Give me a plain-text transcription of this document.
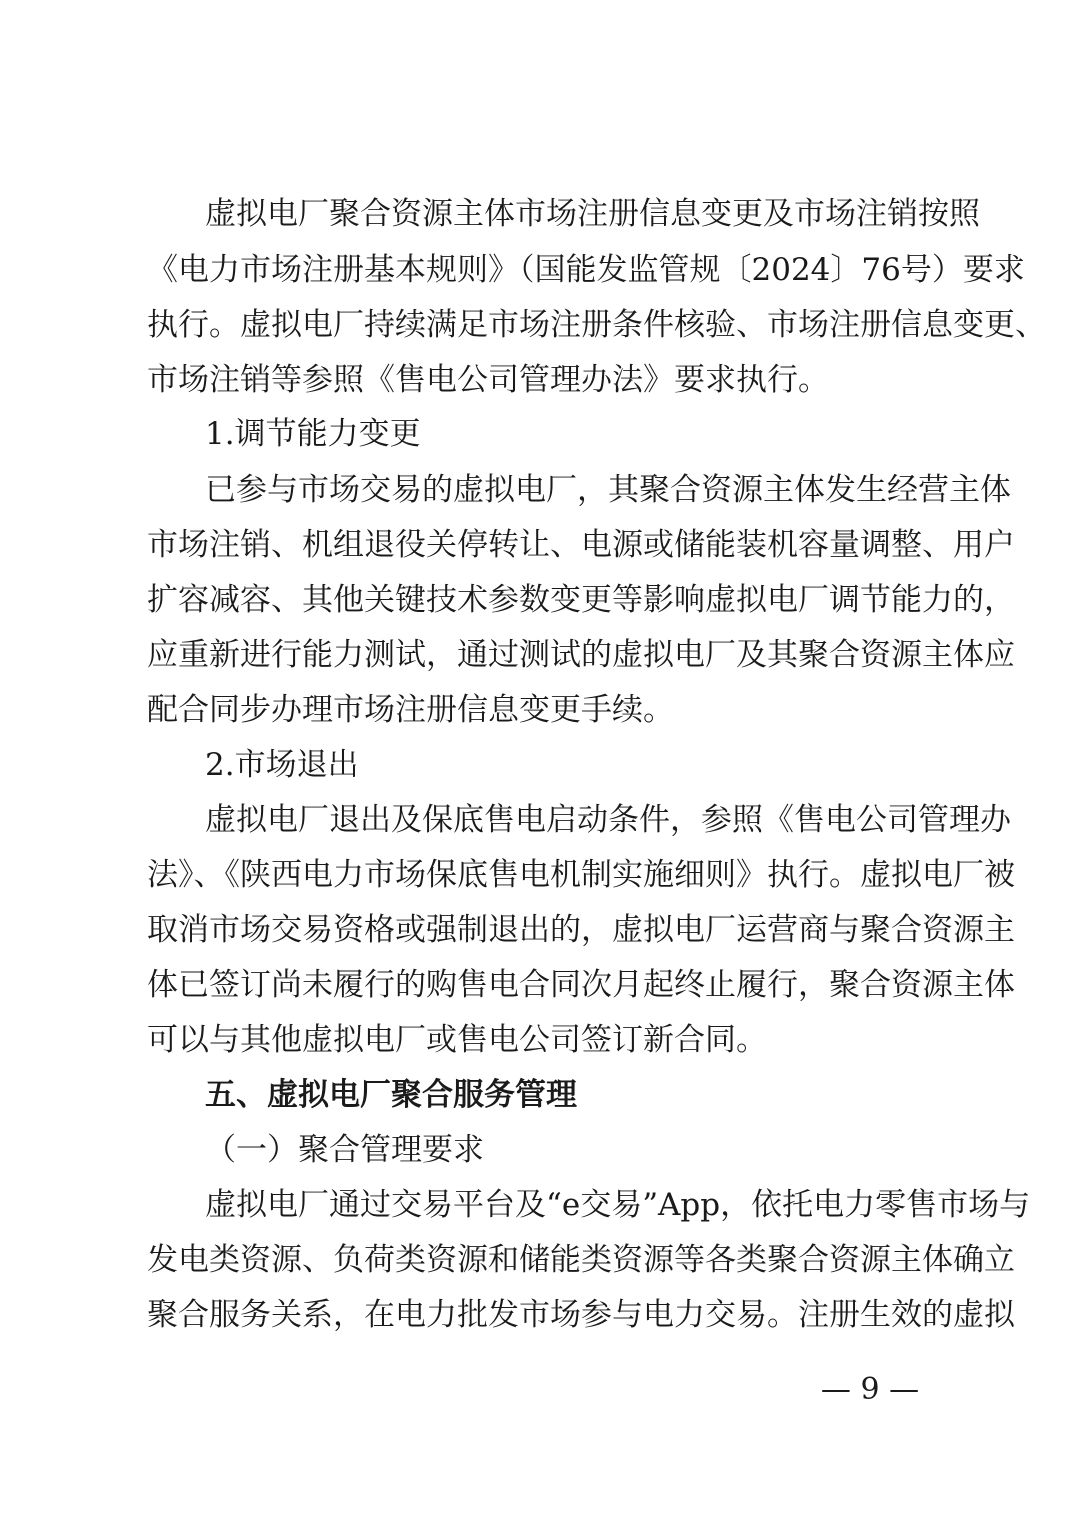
虚拟电厂聚合资源主体市场注册信息变更及市场注销按照
《电力市场注册基本规则》（国能发监管规〔2024〕76号）要求
执行。虚拟电厂持续满足市场注册条件核验、市场注册信息变更、
市场注销等参照《售电公司管理办法》要求执行。
1.调节能力变更
已参与市场交易的虚拟电厂，其聚合资源主体发生经营主体
市场注销、机组退役关停转让、电源或储能装机容量调整、用户
扩容减容、其他关键技术参数变更等影响虚拟电厂调节能力的，
应重新进行能力测试，通过测试的虚拟电厂及其聚合资源主体应
配合同步办理市场注册信息变更手续。
2.市场退出
虚拟电厂退出及保底售电启动条件，参照《售电公司管理办
法》、《陕西电力市场保底售电机制实施细则》执行。虚拟电厂被
取消市场交易资格或强制退出的，虚拟电厂运营商与聚合资源主
体已签订尚未履行的购售电合同次月起终止履行，聚合资源主体
可以与其他虚拟电厂或售电公司签订新合同。
五、虚拟电厂聚合服务管理
（一）聚合管理要求
虚拟电厂通过交易平台及“e交易”App，依托电力零售市场与
发电类资源、负荷类资源和储能类资源等各类聚合资源主体确立
聚合服务关系，在电力批发市场参与电力交易。注册生效的虚拟
— 9 —
